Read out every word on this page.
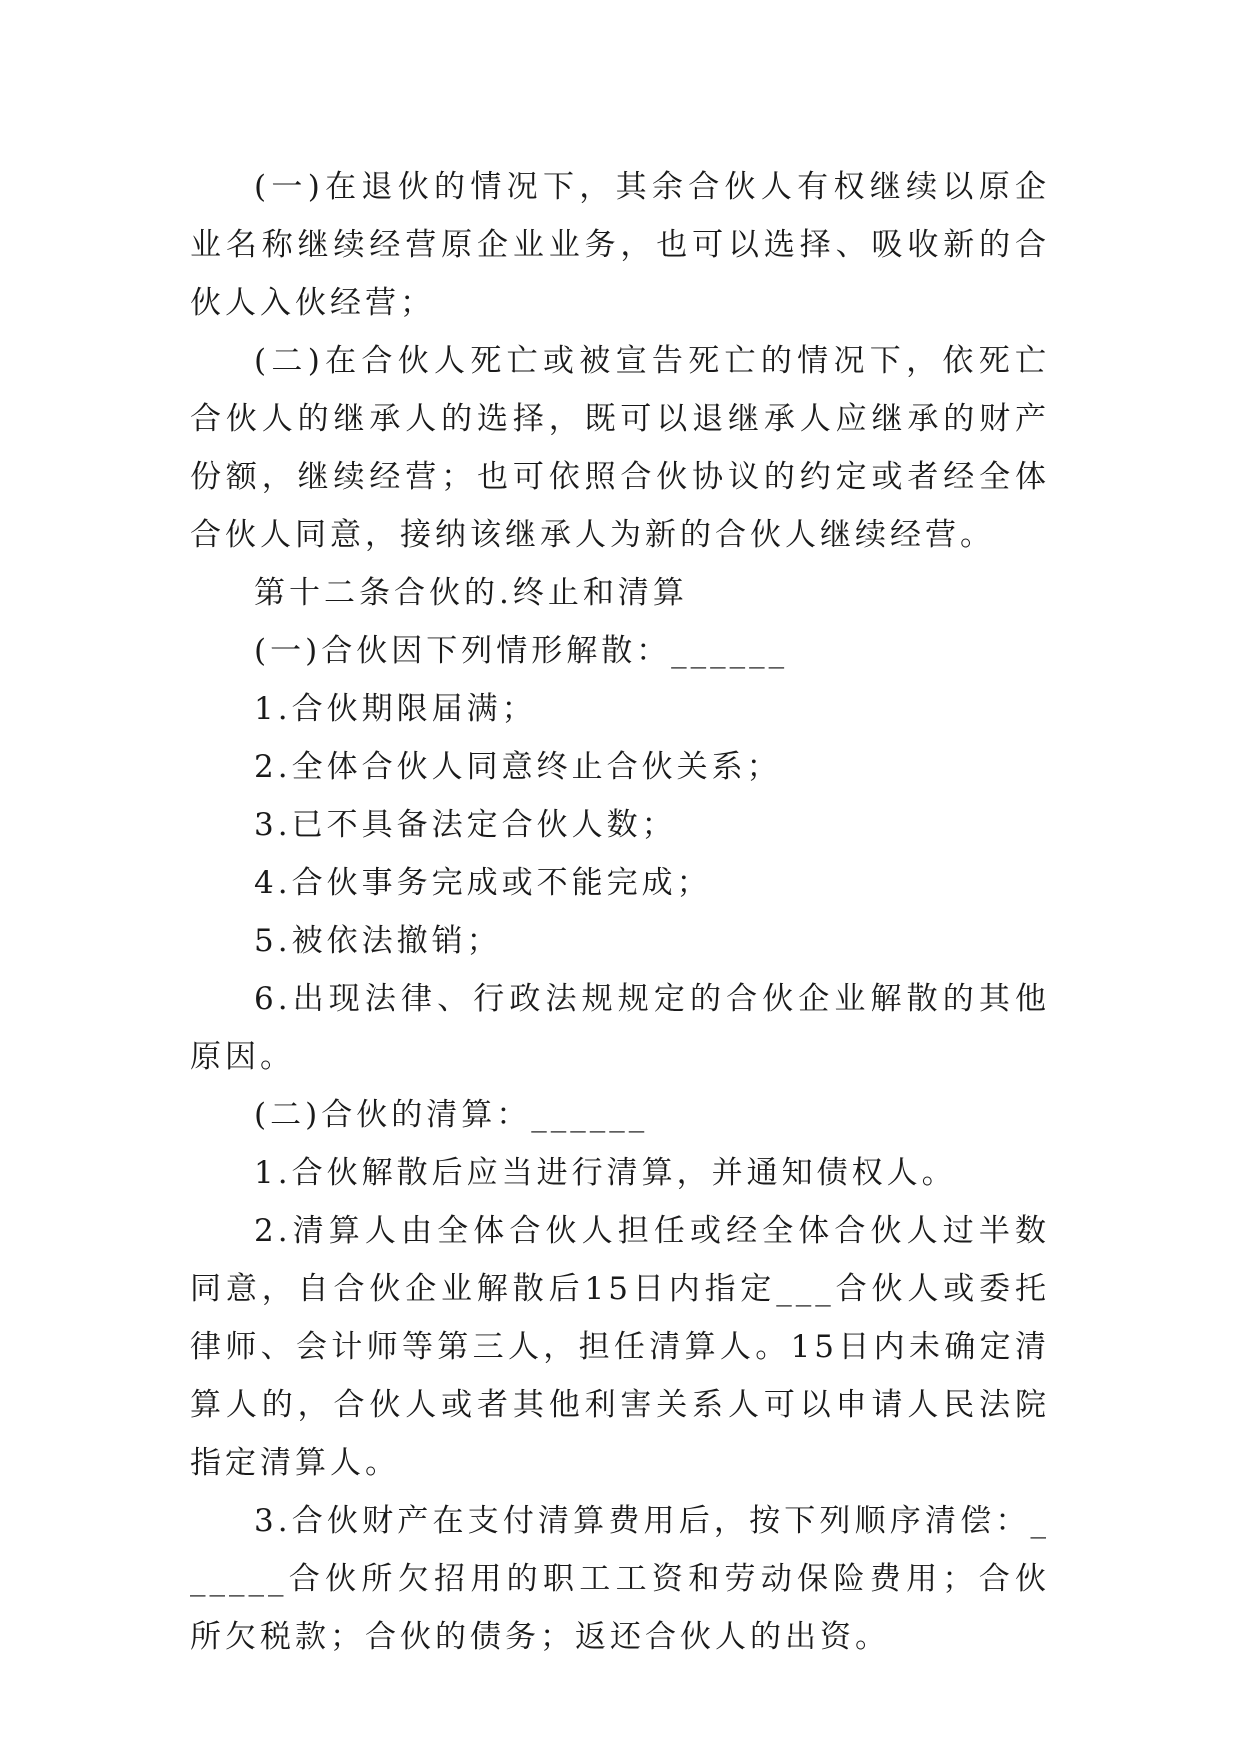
(一)在退伙的情况下，其余合伙人有权继续以原企业名称继续经营原企业业务，也可以选择、吸收新的合伙人入伙经营；

(二)在合伙人死亡或被宣告死亡的情况下，依死亡合伙人的继承人的选择，既可以退继承人应继承的财产份额，继续经营；也可依照合伙协议的约定或者经全体合伙人同意，接纳该继承人为新的合伙人继续经营。

第十二条合伙的.终止和清算

(一)合伙因下列情形解散：______

1.合伙期限届满；

2.全体合伙人同意终止合伙关系；

3.已不具备法定合伙人数；

4.合伙事务完成或不能完成；

5.被依法撤销；

6.出现法律、行政法规规定的合伙企业解散的其他原因。

(二)合伙的清算：______

1.合伙解散后应当进行清算，并通知债权人。

2.清算人由全体合伙人担任或经全体合伙人过半数同意，自合伙企业解散后15日内指定___合伙人或委托律师、会计师等第三人，担任清算人。15日内未确定清算人的，合伙人或者其他利害关系人可以申请人民法院指定清算人。

3.合伙财产在支付清算费用后，按下列顺序清偿：______合伙所欠招用的职工工资和劳动保险费用；合伙所欠税款；合伙的债务；返还合伙人的出资。
